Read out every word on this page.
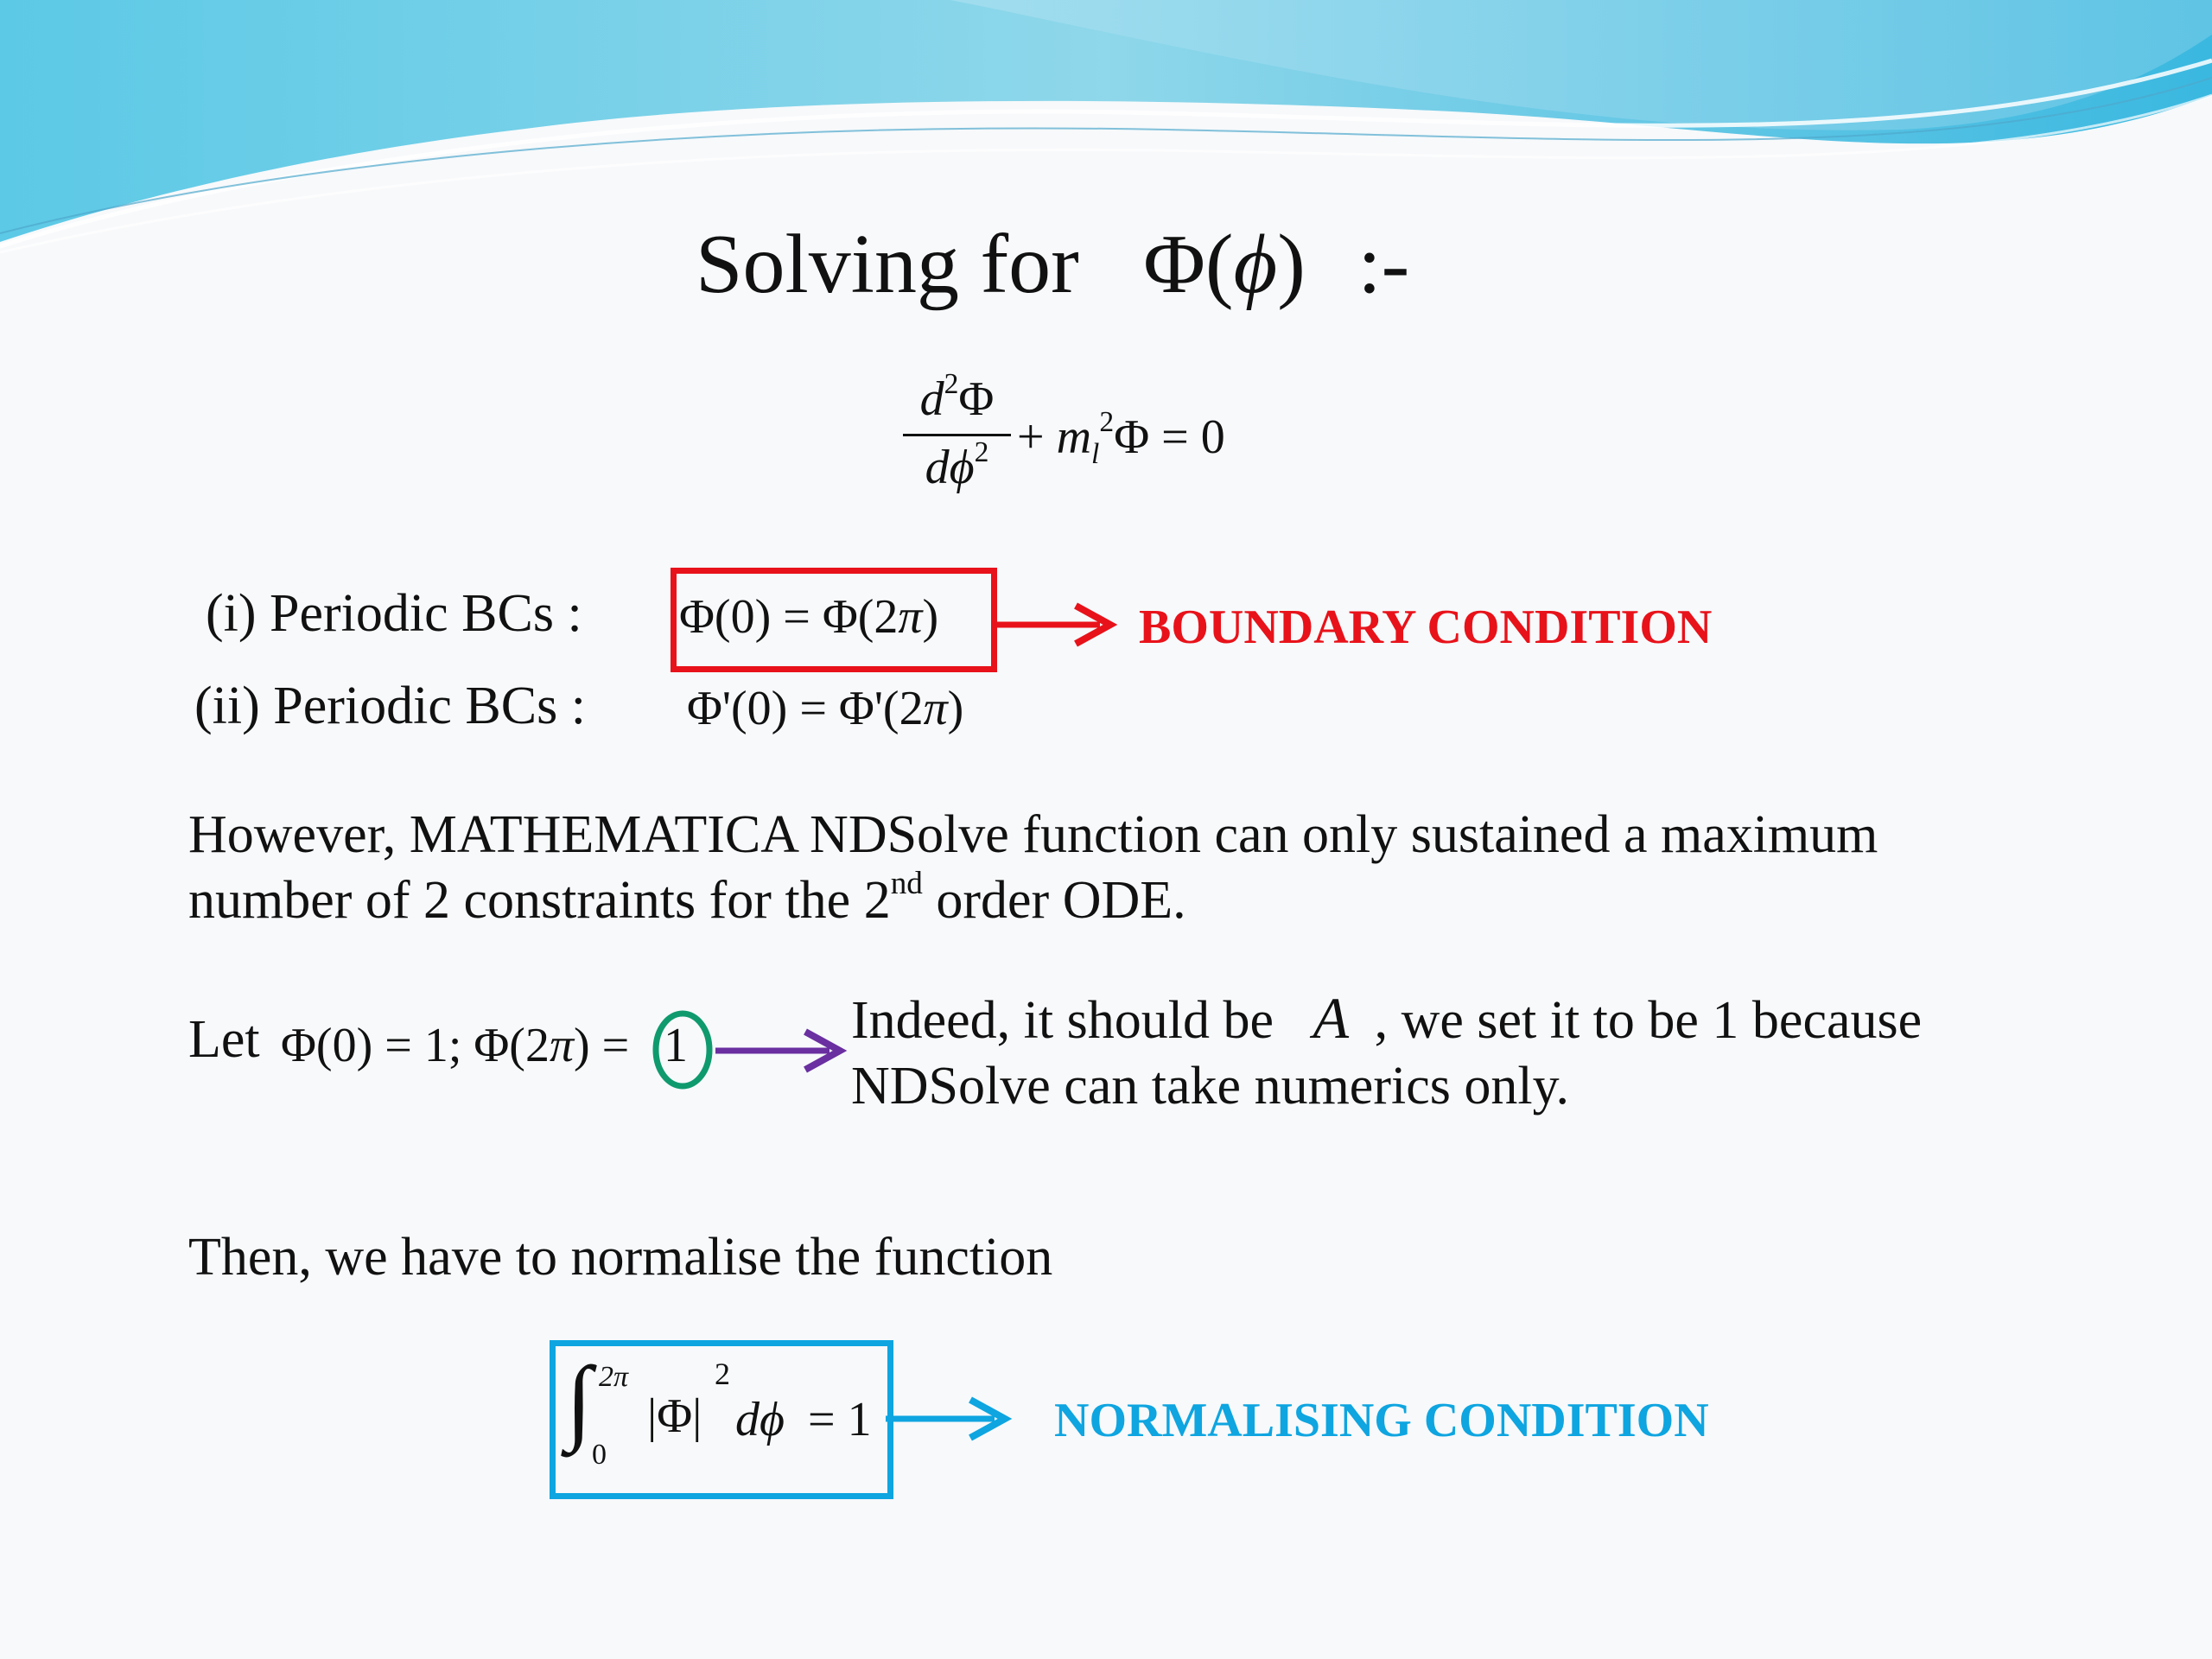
Solving for Φ(ϕ) :-
$d^2\Phi$
$d\phi^2 + m_l^2\Phi = 0$
(i) Periodic BCs : Φ(0) = Φ(2π)	BOUNDARY CONDITION
(ii) Periodic BCs : Φ'(0) = Φ'(2π)
However, MATHEMATICA NDSolve function can only sustained a maximum
number of 2 constraints for the 2nd order ODE.
Let Φ(0) = 1; Φ(2π) = 1	Indeed, it should be A , we set it to be 1 because
NDSolve can take numerics only.
Then, we have to normalise the function
∫ 2π
0
|Φ|
2
dϕ = 1	NORMALISING CONDITION
